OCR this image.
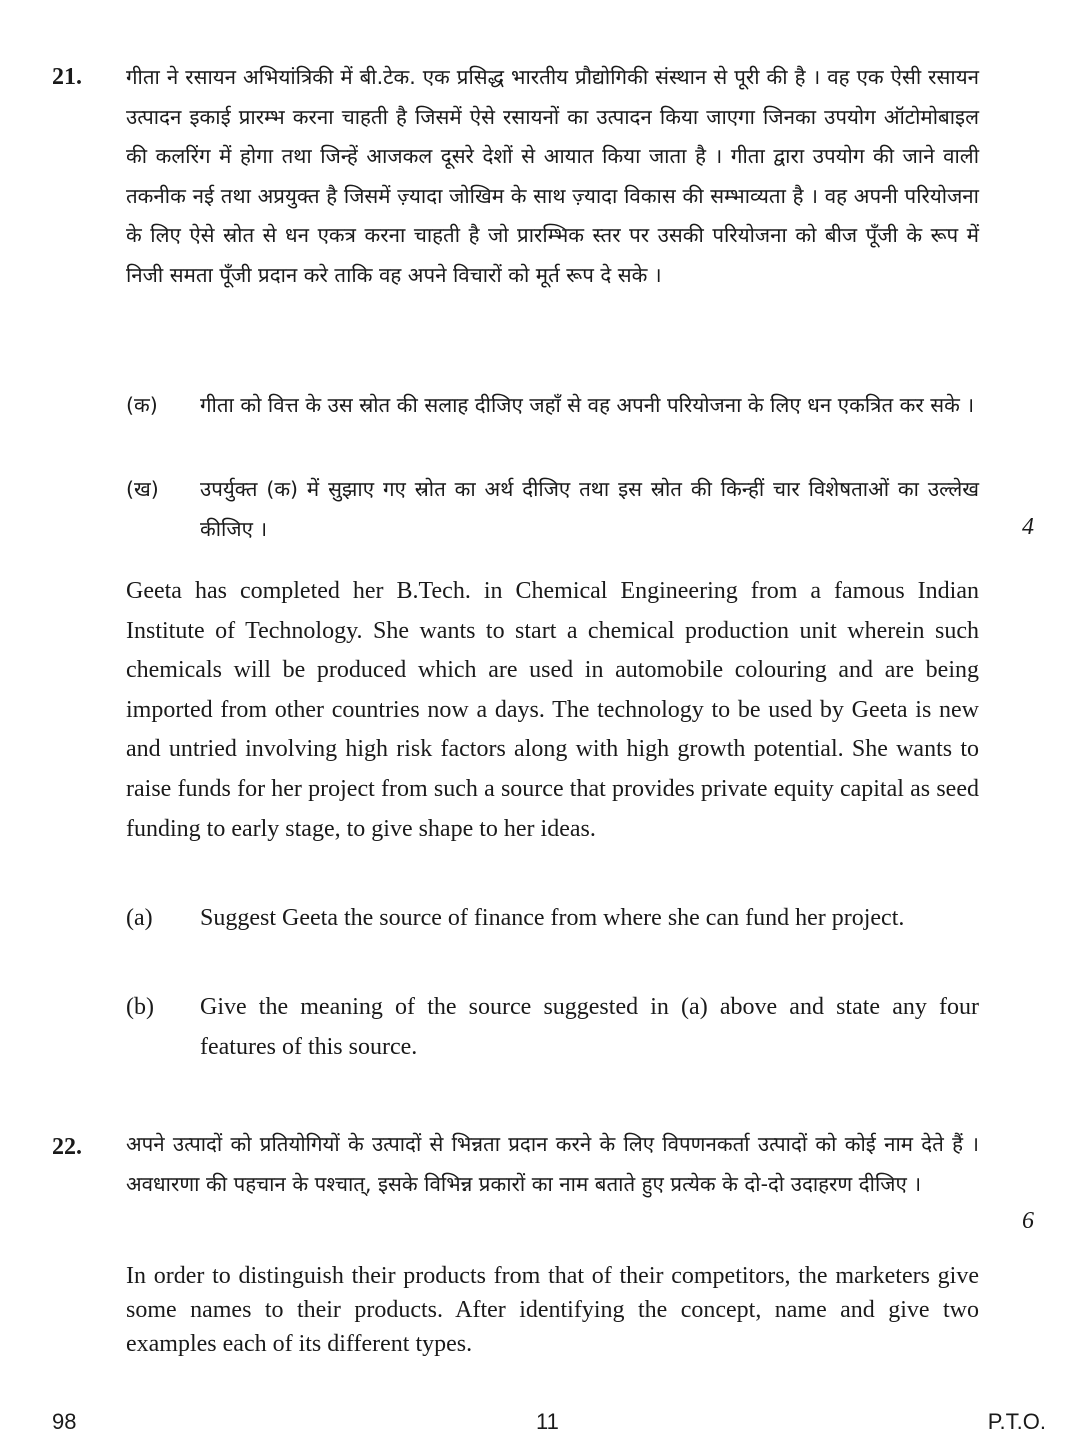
21. गीता ने रसायन अभियांत्रिकी में बी.टेक. एक प्रसिद्ध भारतीय प्रौद्योगिकी संस्थान से पूरी की है । वह एक ऐसी रसायन उत्पादन इकाई प्रारम्भ करना चाहती है जिसमें ऐसे रसायनों का उत्पादन किया जाएगा जिनका उपयोग ऑटोमोबाइल की कलरिंग में होगा तथा जिन्हें आजकल दूसरे देशों से आयात किया जाता है । गीता द्वारा उपयोग की जाने वाली तकनीक नई तथा अप्रयुक्त है जिसमें ज़्यादा जोखिम के साथ ज़्यादा विकास की सम्भाव्यता है । वह अपनी परियोजना के लिए ऐसे स्रोत से धन एकत्र करना चाहती है जो प्रारम्भिक स्तर पर उसकी परियोजना को बीज पूँजी के रूप में निजी समता पूँजी प्रदान करे ताकि वह अपने विचारों को मूर्त रूप दे सके ।
(क) गीता को वित्त के उस स्रोत की सलाह दीजिए जहाँ से वह अपनी परियोजना के लिए धन एकत्रित कर सके ।
(ख) उपर्युक्त (क) में सुझाए गए स्रोत का अर्थ दीजिए तथा इस स्रोत की किन्हीं चार विशेषताओं का उल्लेख कीजिए ।	4
Geeta has completed her B.Tech. in Chemical Engineering from a famous Indian Institute of Technology. She wants to start a chemical production unit wherein such chemicals will be produced which are used in automobile colouring and are being imported from other countries now a days. The technology to be used by Geeta is new and untried involving high risk factors along with high growth potential. She wants to raise funds for her project from such a source that provides private equity capital as seed funding to early stage, to give shape to her ideas.
(a) Suggest Geeta the source of finance from where she can fund her project.
(b) Give the meaning of the source suggested in (a) above and state any four features of this source.
22. अपने उत्पादों को प्रतियोगियों के उत्पादों से भिन्नता प्रदान करने के लिए विपणनकर्ता उत्पादों को कोई नाम देते हैं । अवधारणा की पहचान के पश्चात्, इसके विभिन्न प्रकारों का नाम बताते हुए प्रत्येक के दो-दो उदाहरण दीजिए ।
6
In order to distinguish their products from that of their competitors, the marketers give some names to their products. After identifying the concept, name and give two examples each of its different types.
98	11	P.T.O.
